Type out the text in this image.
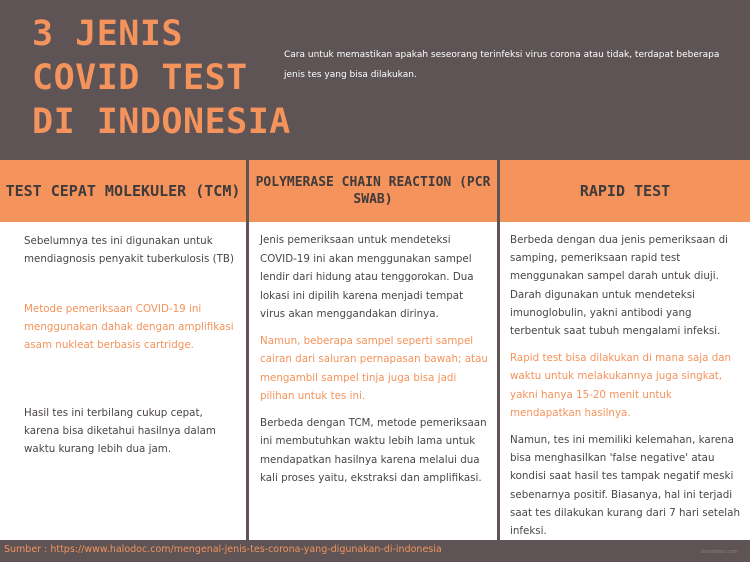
3 JENIS
COVID TEST
DI INDONESIA

Cara untuk memastikan apakah seseorang terinfeksi virus corona atau tidak, terdapat beberapa jenis tes yang bisa dilakukan.

TEST CEPAT MOLEKULER (TCM)	POLYMERASE CHAIN REACTION (PCR SWAB)	RAPID TEST

Sebelumnya tes ini digunakan untuk mendiagnosis penyakit tuberkulosis (TB)

Metode pemeriksaan COVID-19 ini menggunakan dahak dengan amplifikasi asam nukleat berbasis cartridge.

Hasil tes ini terbilang cukup cepat, karena bisa diketahui hasilnya dalam waktu kurang lebih dua jam.

Jenis pemeriksaan untuk mendeteksi COVID-19 ini akan menggunakan sampel lendir dari hidung atau tenggorokan. Dua lokasi ini dipilih karena menjadi tempat virus akan menggandakan dirinya.

Namun, beberapa sampel seperti sampel cairan dari saluran pernapasan bawah; atau mengambil sampel tinja juga bisa jadi pilihan untuk tes ini.

Berbeda dengan TCM, metode pemeriksaan ini membutuhkan waktu lebih lama untuk mendapatkan hasilnya karena melalui dua kali proses yaitu, ekstraksi dan amplifikasi.

Berbeda dengan dua jenis pemeriksaan di samping, pemeriksaan rapid test menggunakan sampel darah untuk diuji. Darah digunakan untuk mendeteksi imunoglobulin, yakni antibodi yang terbentuk saat tubuh mengalami infeksi.

Rapid test bisa dilakukan di mana saja dan waktu untuk melakukannya juga singkat, yakni hanya 15-20 menit untuk mendapatkan hasilnya.

Namun, tes ini memiliki kelemahan, karena bisa menghasilkan 'false negative' atau kondisi saat hasil tes tampak negatif meski sebenarnya positif. Biasanya, hal ini terjadi saat tes dilakukan kurang dari 7 hari setelah infeksi.

Sumber : https://www.halodoc.com/mengenal-jenis-tes-corona-yang-digunakan-di-indonesia	bonaldarz.com
